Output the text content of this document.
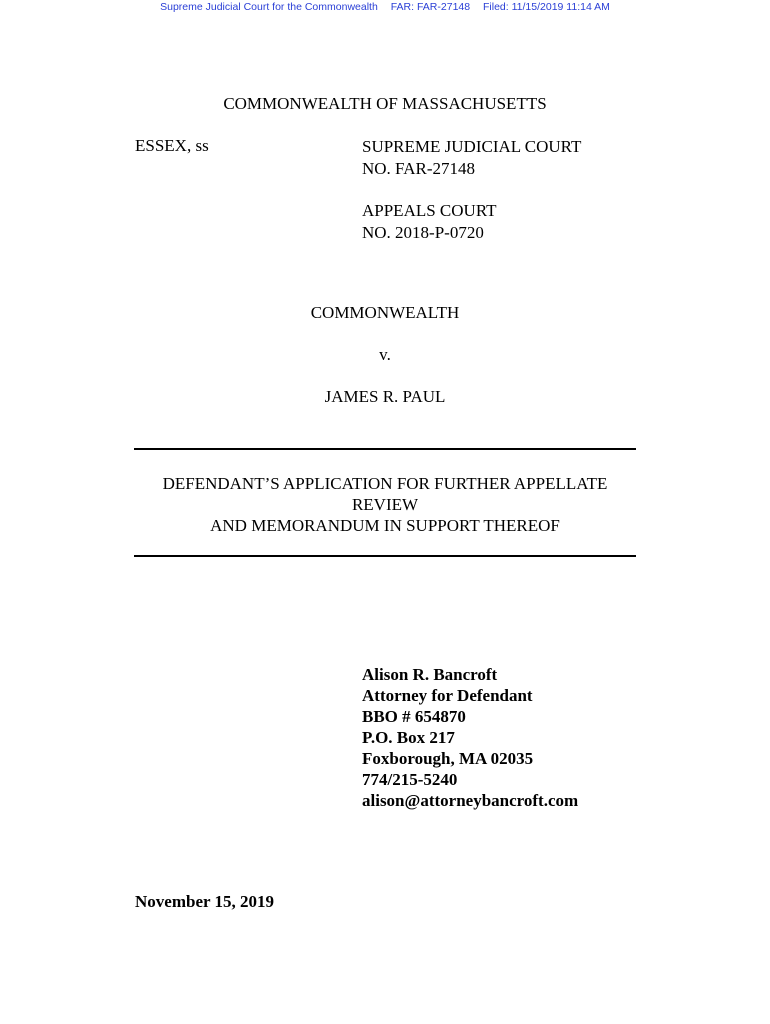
Supreme Judicial Court for the Commonwealth FAR: FAR-27148 Filed: 11/15/2019 11:14 AM
COMMONWEALTH OF MASSACHUSETTS
ESSEX, ss	SUPREME JUDICIAL COURT
NO. FAR-27148
APPEALS COURT
NO. 2018-P-0720
COMMONWEALTH
v.
JAMES R. PAUL
DEFENDANT’S APPLICATION FOR FURTHER APPELLATE
REVIEW
AND MEMORANDUM IN SUPPORT THEREOF
Alison R. Bancroft
Attorney for Defendant
BBO # 654870
P.O. Box 217
Foxborough, MA 02035
774/215-5240
alison@attorneybancroft.com
November 15, 2019
